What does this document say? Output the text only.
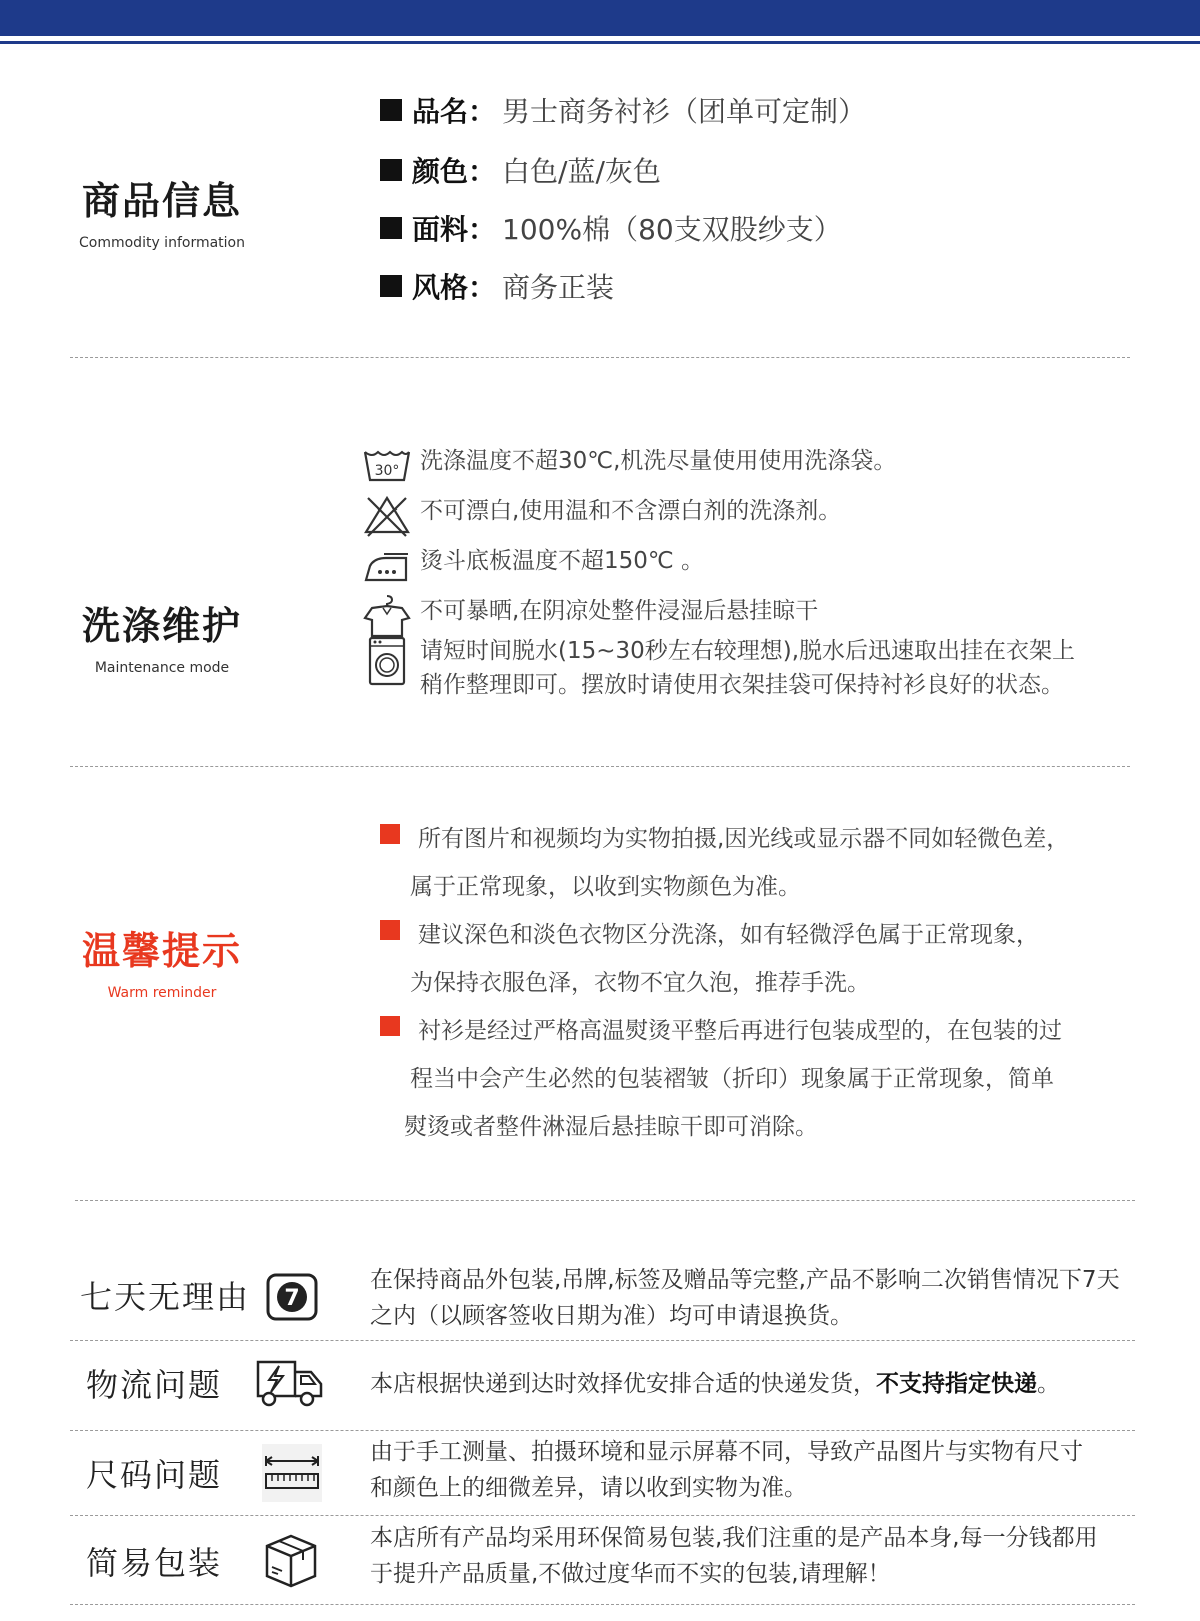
商品信息
Commodity information
品名： 男士商务衬衫（团单可定制）
颜色： 白色/蓝/灰色
面料： 100%棉（80支双股纱支）
风格： 商务正装
洗涤维护
Maintenance mode
30° 洗涤温度不超30℃,机洗尽量使用使用洗涤袋。
不可漂白,使用温和不含漂白剂的洗涤剂。
烫斗底板温度不超150℃ 。
不可暴晒,在阴凉处整件浸湿后悬挂晾干
请短时间脱水(15~30秒左右较理想),脱水后迅速取出挂在衣架上
稍作整理即可。摆放时请使用衣架挂袋可保持衬衫良好的状态。
温馨提示
Warm reminder
所有图片和视频均为实物拍摄,因光线或显示器不同如轻微色差，
属于正常现象，以收到实物颜色为准。
建议深色和淡色衣物区分洗涤，如有轻微浮色属于正常现象，
为保持衣服色泽，衣物不宜久泡，推荐手洗。
衬衫是经过严格高温熨烫平整后再进行包装成型的，在包装的过
程当中会产生必然的包装褶皱（折印）现象属于正常现象，简单
熨烫或者整件淋湿后悬挂晾干即可消除。
七天无理由 7
在保持商品外包装,吊牌,标签及赠品等完整,产品不影响二次销售情况下7天
之内（以顾客签收日期为准）均可申请退换货。
物流问题	本店根据快递到达时效择优安排合适的快递发货，不支持指定快递。
尺码问题
由于手工测量、拍摄环境和显示屏幕不同，导致产品图片与实物有尺寸
和颜色上的细微差异，请以收到实物为准。
简易包装
本店所有产品均采用环保简易包装,我们注重的是产品本身,每一分钱都用
于提升产品质量,不做过度华而不实的包装,请理解！
